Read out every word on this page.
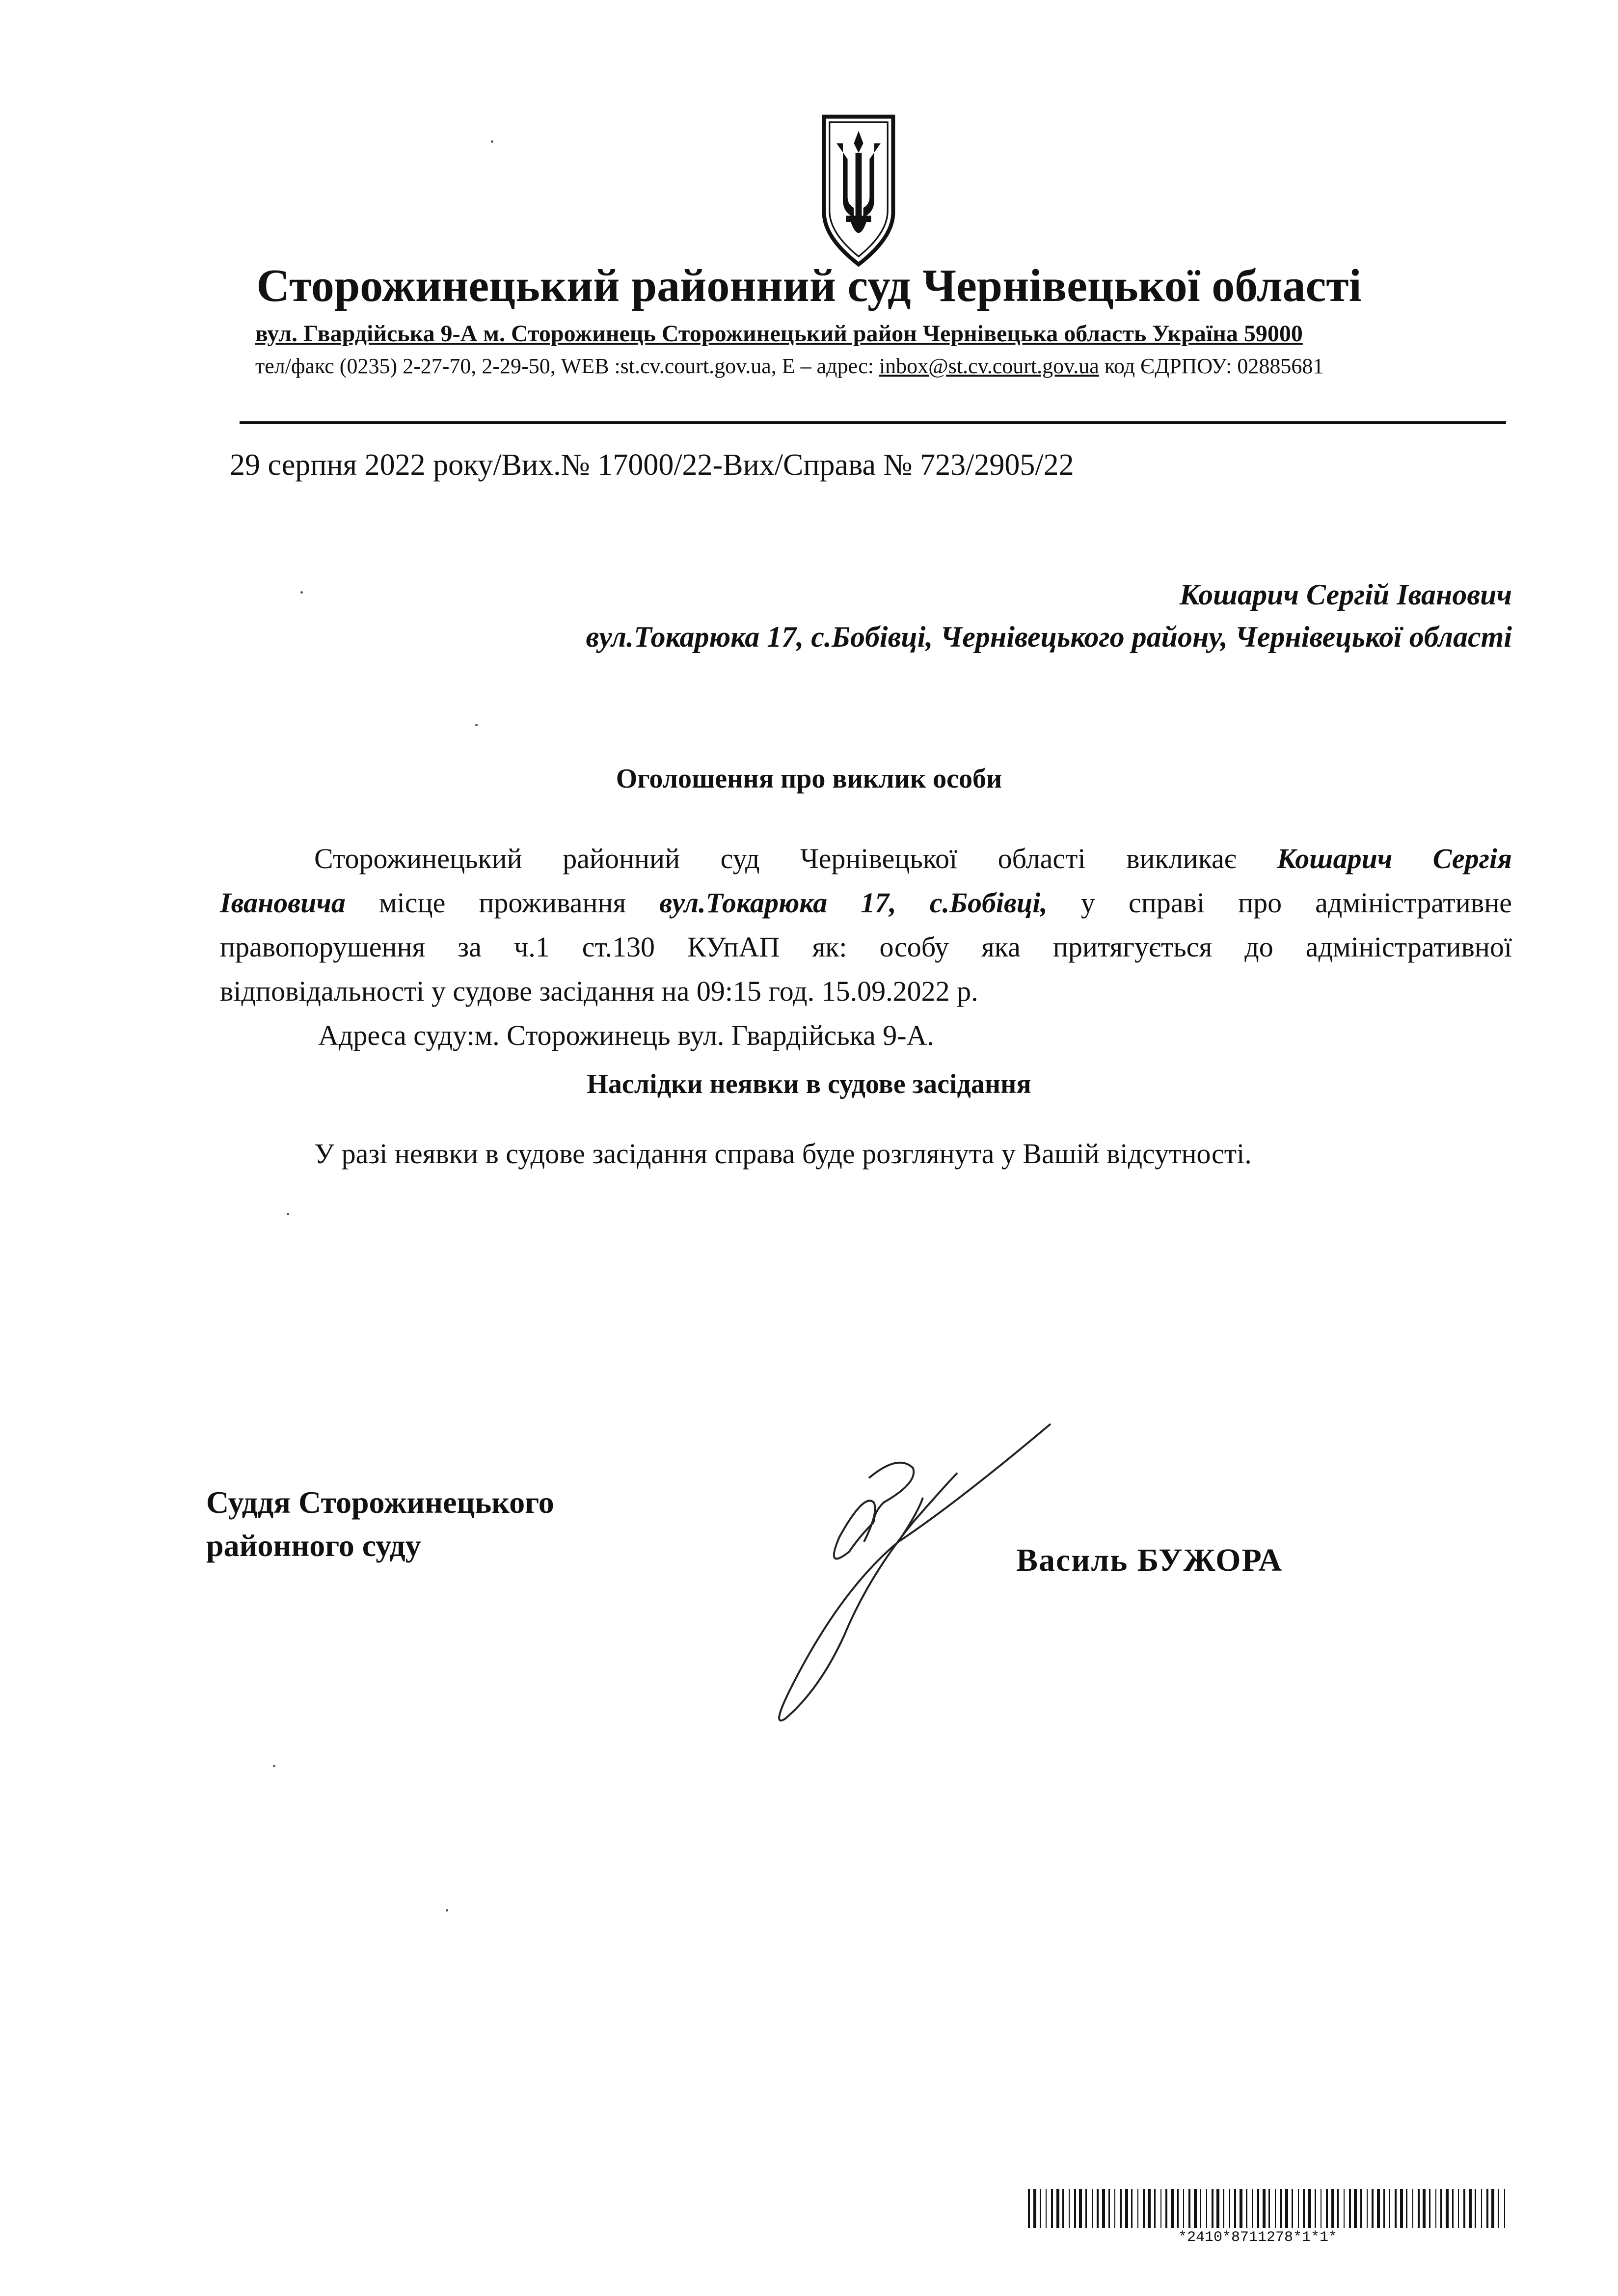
Сторожинецький районний суд Чернівецької області
вул. Гвардійська 9-А м. Сторожинець Сторожинецький район Чернівецька область Україна 59000
тел/факс (0235) 2-27-70, 2-29-50, WEB :st.cv.court.gov.ua, E – адрес: inbox@st.cv.court.gov.ua код ЄДРПОУ: 02885681
29 серпня 2022 року/Вих.№ 17000/22-Вих/Справа № 723/2905/22
Кошарич Сергій Іванович
вул.Токарюка 17, с.Бобівці, Чернівецького району, Чернівецької області
Оголошення про виклик особи

Сторожинецький районний суд Чернівецької області викликає Кошарич Сергія
Івановича місце проживання вул.Токарюка 17, с.Бобівці, у справі про адміністративне

правопорушення за ч.1 ст.130 КУпАП як: особу яка притягується до адміністративної

відповідальності у судове засідання на 09:15 год. 15.09.2022 р.

Адреса суду:м. Сторожинець вул. Гвардійська 9-А.

Наслідки неявки в судове засідання
У разі неявки в судове засідання справа буде розглянута у Вашій відсутності.
Суддя Сторожинецького районного суду	Василь БУЖОРА
*2410*8711278*1*1*
